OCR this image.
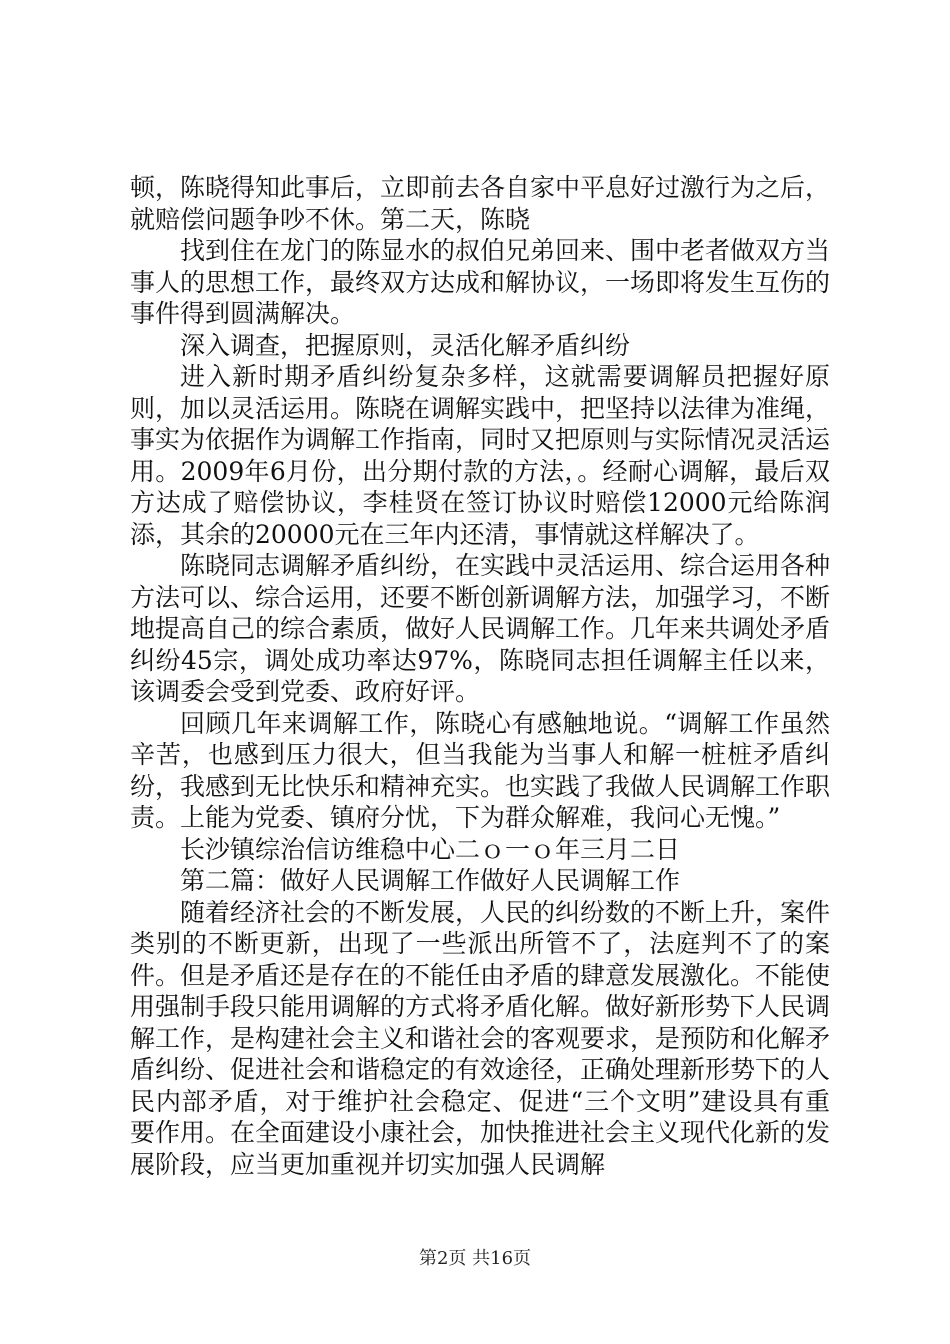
顿，陈晓得知此事后，立即前去各自家中平息好过激行为之后，就赔偿问题争吵不休。第二天，陈晓

找到住在龙门的陈显水的叔伯兄弟回来、围中老者做双方当事人的思想工作，最终双方达成和解协议，一场即将发生互伤的事件得到圆满解决。

深入调查，把握原则，灵活化解矛盾纠纷

进入新时期矛盾纠纷复杂多样，这就需要调解员把握好原则，加以灵活运用。陈晓在调解实践中，把坚持以法律为准绳，事实为依据作为调解工作指南，同时又把原则与实际情况灵活运用。2009年6月份，出分期付款的方法，。经耐心调解，最后双方达成了赔偿协议，李桂贤在签订协议时赔偿12000元给陈润添，其余的20000元在三年内还清，事情就这样解决了。

陈晓同志调解矛盾纠纷，在实践中灵活运用、综合运用各种方法可以、综合运用，还要不断创新调解方法，加强学习，不断地提高自己的综合素质，做好人民调解工作。几年来共调处矛盾纠纷45宗，调处成功率达97%，陈晓同志担任调解主任以来，该调委会受到党委、政府好评。

回顾几年来调解工作，陈晓心有感触地说。“调解工作虽然辛苦，也感到压力很大，但当我能为当事人和解一桩桩矛盾纠纷，我感到无比快乐和精神充实。也实践了我做人民调解工作职责。上能为党委、镇府分忧，下为群众解难，我问心无愧。”

长沙镇综治信访维稳中心二ｏ一ｏ年三月二日

第二篇：做好人民调解工作做好人民调解工作

随着经济社会的不断发展，人民的纠纷数的不断上升，案件类别的不断更新，出现了一些派出所管不了，法庭判不了的案件。但是矛盾还是存在的不能任由矛盾的肆意发展激化。不能使用强制手段只能用调解的方式将矛盾化解。做好新形势下人民调解工作，是构建社会主义和谐社会的客观要求，是预防和化解矛盾纠纷、促进社会和谐稳定的有效途径，正确处理新形势下的人民内部矛盾，对于维护社会稳定、促进“三个文明”建设具有重要作用。在全面建设小康社会，加快推进社会主义现代化新的发展阶段，应当更加重视并切实加强人民调解

第2页 共16页
